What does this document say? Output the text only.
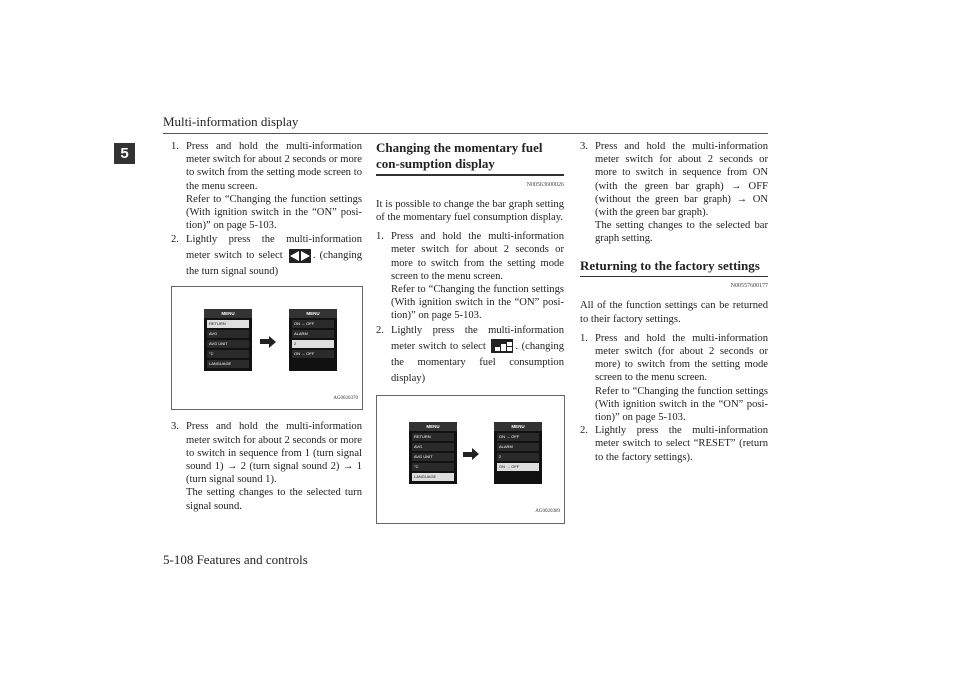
Multi-information display
5	1. Press and hold the multi-information meter switch for about 2 seconds or more to switch from the setting mode screen to the menu screen.
Refer to “Changing the function settings (With ignition switch in the “ON” posi-tion)” on page 5-103.
2. Lightly press the multi-information meter switch to select	. (changing the turn signal sound)
MENU
RETURN
AVG
AVG UNIT
°C
LANGUAGE
MENU
ON → OFF
ALARM
2
ON → OFF
AG0020370
3. Press and hold the multi-information meter switch for about 2 seconds or more to switch in sequence from 1 (turn signal sound 1) → 2 (turn signal sound 2) → 1 (turn signal sound 1).
The setting changes to the selected turn signal sound.
Changing the momentary fuel con-sumption display
N00563600026
It is possible to change the bar graph setting of the momentary fuel consumption display.
1. Press and hold the multi-information meter switch for about 2 seconds or more to switch from the setting mode screen to the menu screen.
Refer to “Changing the function settings (With ignition switch in the “ON” posi-tion)” on page 5-103.
2. Lightly press the multi-information meter switch to select	. (changing the momentary fuel consumption display)
MENU
RETURN
AVG
AVG UNIT
°C
LANGUAGE
MENU
ON → OFF
ALARM
2
ON → OFF
AG0020389
3. Press and hold the multi-information meter switch for about 2 seconds or more to switch in sequence from ON (with the green bar graph) → OFF (without the green bar graph) → ON (with the green bar graph).
The setting changes to the selected bar graph setting.
Returning to the factory settings
N00557600177
All of the function settings can be returned to their factory settings.
1. Press and hold the multi-information meter switch (for about 2 seconds or more) to switch from the setting mode screen to the menu screen.
Refer to “Changing the function settings (With ignition switch in the “ON” posi-tion)” on page 5-103.
2. Lightly press the multi-information meter switch to select “RESET” (return to the factory settings).
5-108 Features and controls
